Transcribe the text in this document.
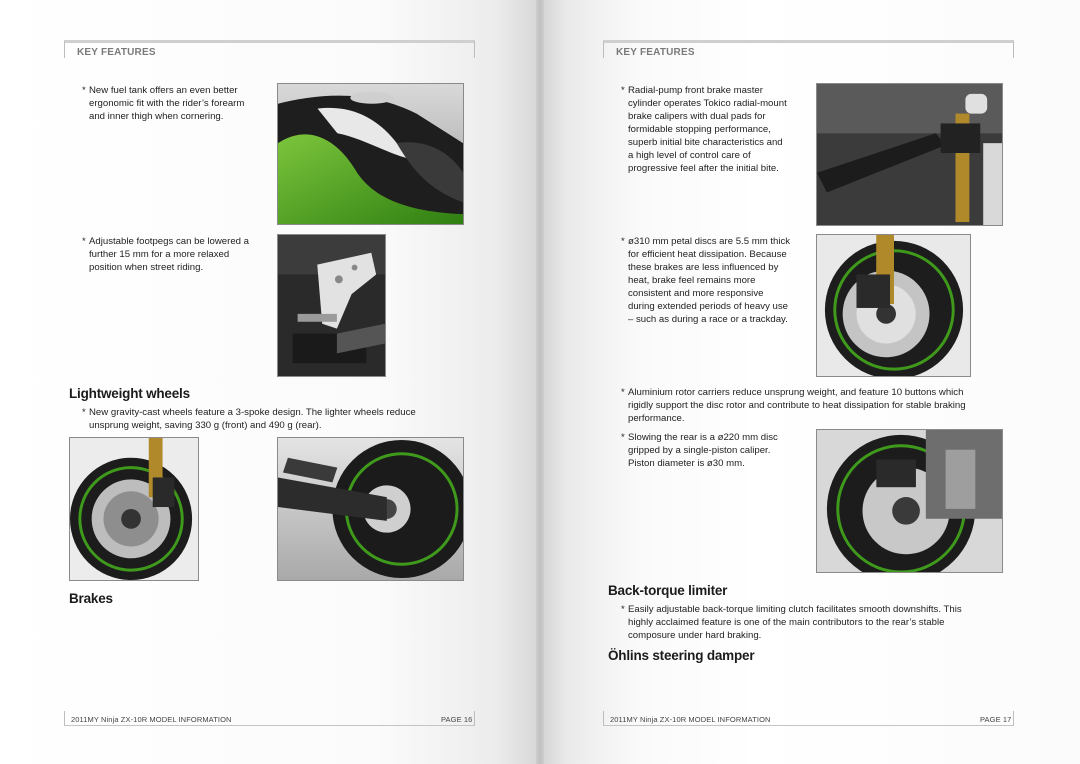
KEY FEATURES
* New fuel tank offers an even better
ergonomic fit with the rider’s forearm
and inner thigh when cornering.

* Adjustable footpegs can be lowered a
further 15 mm for a more relaxed
position when street riding.

Lightweight wheels
* New gravity-cast wheels feature a 3-spoke design. The lighter wheels reduce
unsprung weight, saving 330 g (front) and 490 g (rear).

Brakes
2011MY Ninja ZX-10R MODEL INFORMATION	PAGE 16
KEY FEATURES
* Radial-pump front brake master
cylinder operates Tokico radial-mount
brake calipers with dual pads for
formidable stopping performance,
superb initial bite characteristics and
a high level of control care of
progressive feel after the initial bite.

* ø310 mm petal discs are 5.5 mm thick
for efficient heat dissipation. Because
these brakes are less influenced by
heat, brake feel remains more
consistent and more responsive
during extended periods of heavy use
– such as during a race or a trackday.

* Aluminium rotor carriers reduce unsprung weight, and feature 10 buttons which
rigidly support the disc rotor and contribute to heat dissipation for stable braking
performance.

* Slowing the rear is a ø220 mm disc
gripped by a single-piston caliper.
Piston diameter is ø30 mm.

Back-torque limiter
* Easily adjustable back-torque limiting clutch facilitates smooth downshifts. This
highly acclaimed feature is one of the main contributors to the rear’s stable
composure under hard braking.

Öhlins steering damper
2011MY Ninja ZX-10R MODEL INFORMATION	PAGE 17
